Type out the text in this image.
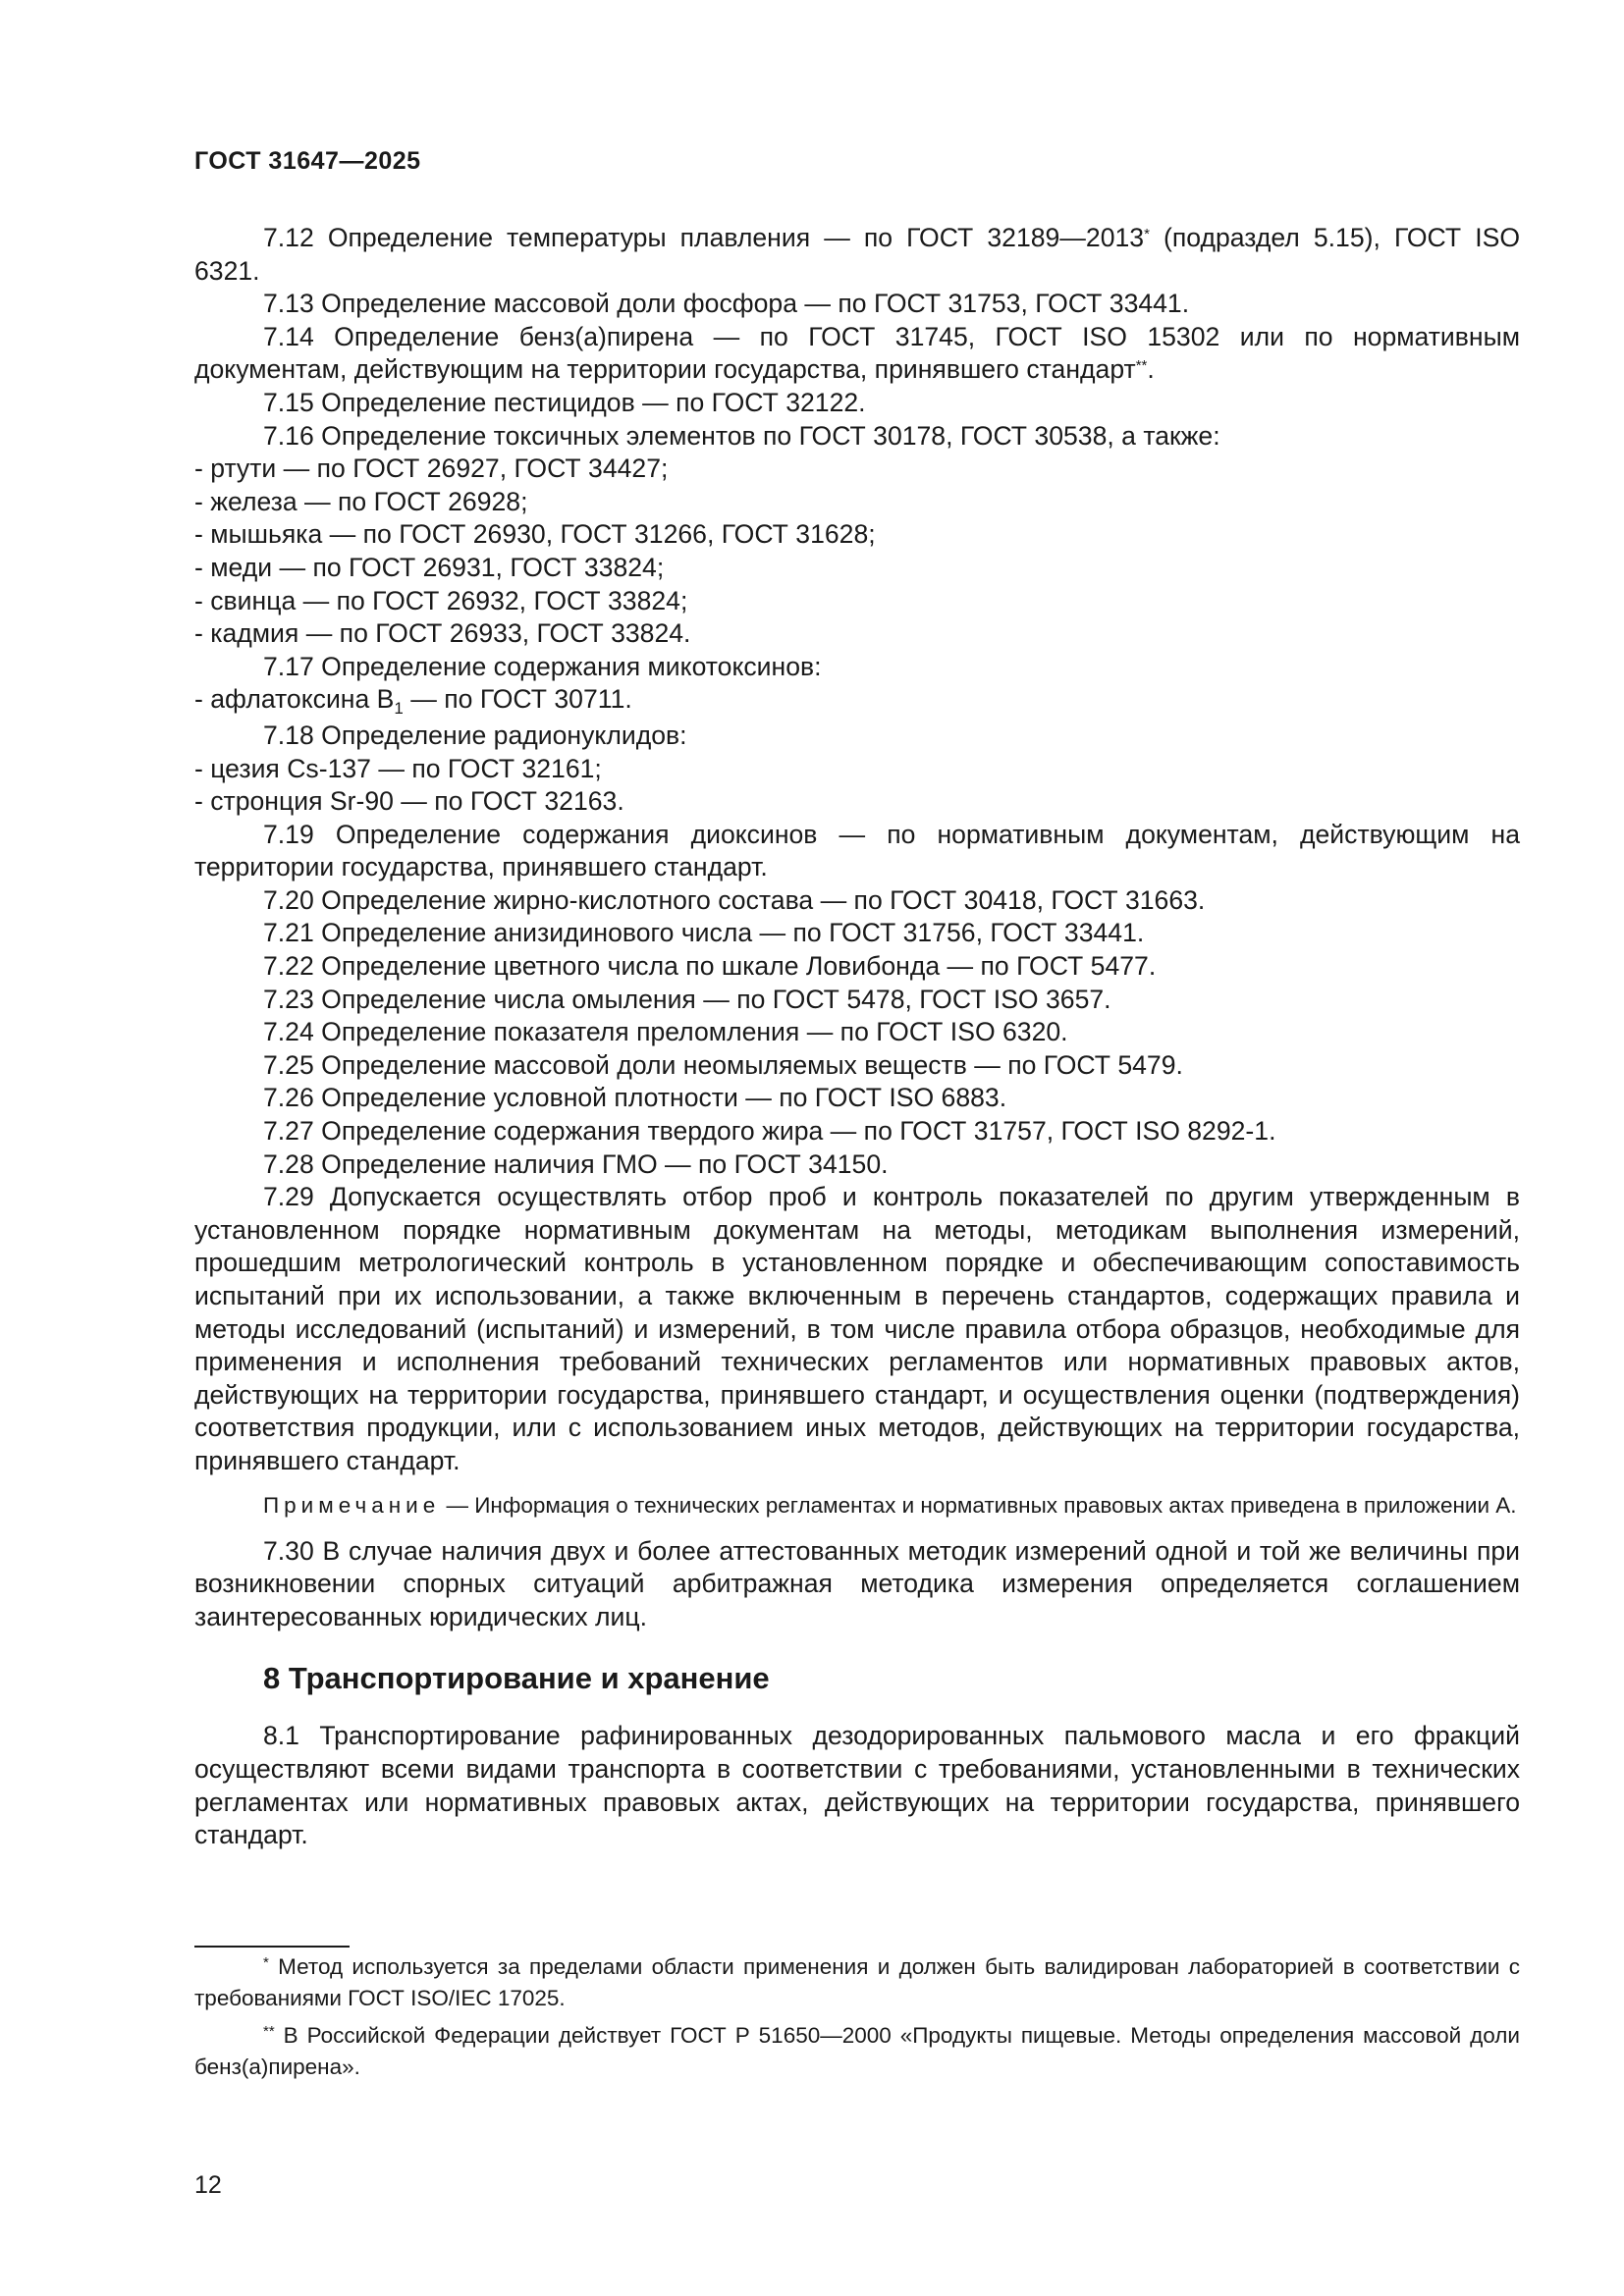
ГОСТ 31647—2025

7.12 Определение температуры плавления — по ГОСТ 32189—2013* (подраздел 5.15), ГОСТ ISO 6321.

7.13 Определение массовой доли фосфора — по ГОСТ 31753, ГОСТ 33441.

7.14 Определение бенз(а)пирена — по ГОСТ 31745, ГОСТ ISO 15302 или по нормативным документам, действующим на территории государства, принявшего стандарт**.

7.15 Определение пестицидов — по ГОСТ 32122.

7.16 Определение токсичных элементов по ГОСТ 30178, ГОСТ 30538, а также:

- ртути — по ГОСТ 26927, ГОСТ 34427;

- железа — по ГОСТ 26928;

- мышьяка — по ГОСТ 26930, ГОСТ 31266, ГОСТ 31628;

- меди — по ГОСТ 26931, ГОСТ 33824;

- свинца — по ГОСТ 26932, ГОСТ 33824;

- кадмия — по ГОСТ 26933, ГОСТ 33824.

7.17 Определение содержания микотоксинов:

- афлатоксина $B_1$ — по ГОСТ 30711.

7.18 Определение радионуклидов:

- цезия Cs-137 — по ГОСТ 32161;

- стронция Sr-90 — по ГОСТ 32163.

7.19 Определение содержания диоксинов — по нормативным документам, действующим на территории государства, принявшего стандарт.

7.20 Определение жирно-кислотного состава — по ГОСТ 30418, ГОСТ 31663.

7.21 Определение анизидинового числа — по ГОСТ 31756, ГОСТ 33441.

7.22 Определение цветного числа по шкале Ловибонда — по ГОСТ 5477.

7.23 Определение числа омыления — по ГОСТ 5478, ГОСТ ISO 3657.

7.24 Определение показателя преломления — по ГОСТ ISO 6320.

7.25 Определение массовой доли неомыляемых веществ — по ГОСТ 5479.

7.26 Определение условной плотности — по ГОСТ ISO 6883.

7.27 Определение содержания твердого жира — по ГОСТ 31757, ГОСТ ISO 8292-1.

7.28 Определение наличия ГМО — по ГОСТ 34150.

7.29 Допускается осуществлять отбор проб и контроль показателей по другим утвержденным в установленном порядке нормативным документам на методы, методикам выполнения измерений, прошедшим метрологический контроль в установленном порядке и обеспечивающим сопоставимость испытаний при их использовании, а также включенным в перечень стандартов, содержащих правила и методы исследований (испытаний) и измерений, в том числе правила отбора образцов, необходимые для применения и исполнения требований технических регламентов или нормативных правовых актов, действующих на территории государства, принявшего стандарт, и осуществления оценки (подтверждения) соответствия продукции, или с использованием иных методов, действующих на территории государства, принявшего стандарт.

Примечание — Информация о технических регламентах и нормативных правовых актах приведена в приложении А.

7.30 В случае наличия двух и более аттестованных методик измерений одной и той же величины при возникновении спорных ситуаций арбитражная методика измерения определяется соглашением заинтересованных юридических лиц.

8 Транспортирование и хранение

8.1 Транспортирование рафинированных дезодорированных пальмового масла и его фракций осуществляют всеми видами транспорта в соответствии с требованиями, установленными в технических регламентах или нормативных правовых актах, действующих на территории государства, принявшего стандарт.

* Метод используется за пределами области применения и должен быть валидирован лабораторией в соответствии с требованиями ГОСТ ISO/IEC 17025.

** В Российской Федерации действует ГОСТ Р 51650—2000 «Продукты пищевые. Методы определения массовой доли бенз(а)пирена».

12
